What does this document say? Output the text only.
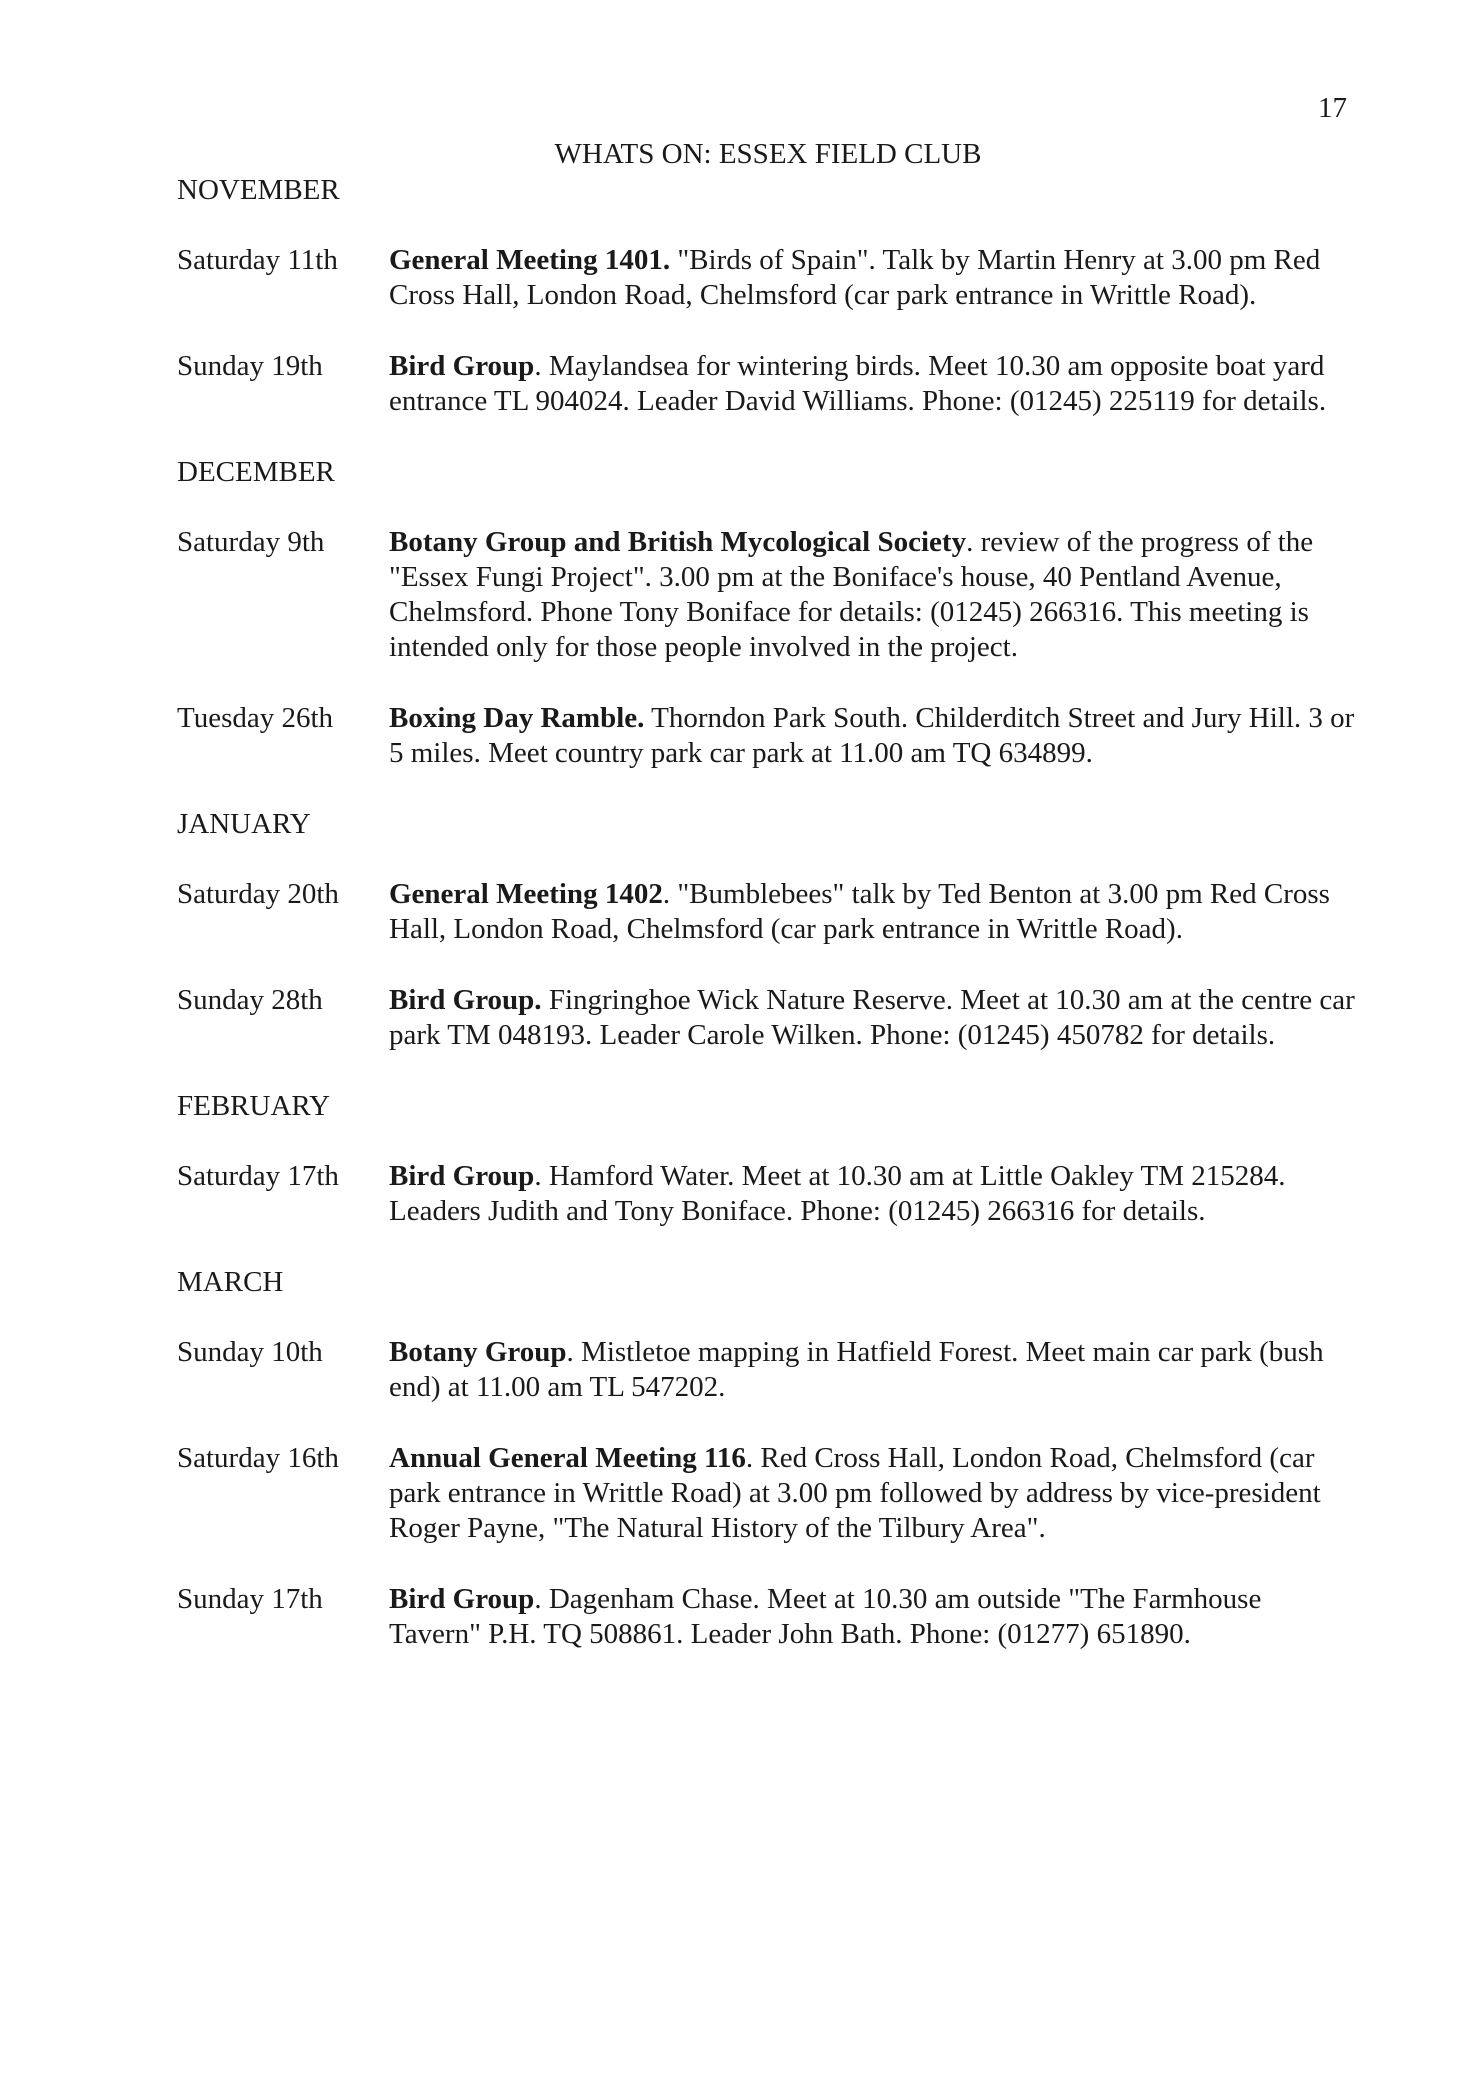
17
WHATS ON: ESSEX FIELD CLUB
NOVEMBER
Saturday 11th	General Meeting 1401. "Birds of Spain". Talk by Martin Henry at 3.00 pm Red Cross Hall, London Road, Chelmsford (car park entrance in Writtle Road).
Sunday 19th	Bird Group. Maylandsea for wintering birds. Meet 10.30 am opposite boat yard entrance TL 904024. Leader David Williams. Phone: (01245) 225119 for details.
DECEMBER
Saturday 9th	Botany Group and British Mycological Society. review of the progress of the "Essex Fungi Project". 3.00 pm at the Boniface's house, 40 Pentland Avenue, Chelmsford. Phone Tony Boniface for details: (01245) 266316. This meeting is intended only for those people involved in the project.
Tuesday 26th	Boxing Day Ramble. Thorndon Park South. Childerditch Street and Jury Hill. 3 or 5 miles. Meet country park car park at 11.00 am TQ 634899.
JANUARY
Saturday 20th	General Meeting 1402. "Bumblebees" talk by Ted Benton at 3.00 pm Red Cross Hall, London Road, Chelmsford (car park entrance in Writtle Road).
Sunday 28th	Bird Group. Fingringhoe Wick Nature Reserve. Meet at 10.30 am at the centre car park TM 048193. Leader Carole Wilken. Phone: (01245) 450782 for details.
FEBRUARY
Saturday 17th	Bird Group. Hamford Water. Meet at 10.30 am at Little Oakley TM 215284. Leaders Judith and Tony Boniface. Phone: (01245) 266316 for details.
MARCH
Sunday 10th	Botany Group. Mistletoe mapping in Hatfield Forest. Meet main car park (bush end) at 11.00 am TL 547202.
Saturday 16th	Annual General Meeting 116. Red Cross Hall, London Road, Chelmsford (car park entrance in Writtle Road) at 3.00 pm followed by address by vice-president Roger Payne, "The Natural History of the Tilbury Area".
Sunday 17th	Bird Group. Dagenham Chase. Meet at 10.30 am outside "The Farmhouse Tavern" P.H. TQ 508861. Leader John Bath. Phone: (01277) 651890.
